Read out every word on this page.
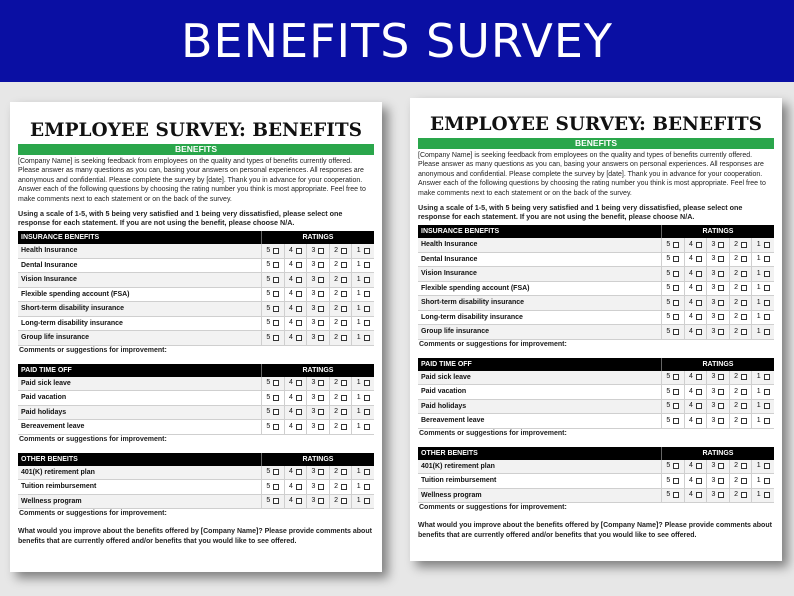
BENEFITS SURVEY
EMPLOYEE SURVEY: BENEFITS
BENEFITS
[Company Name] is seeking feedback from employees on the quality and types of benefits currently offered. Please answer as many questions as you can, basing your answers on personal experiences. All responses are anonymous and confidential. Please complete the survey by [date]. Thank you in advance for your cooperation. Answer each of the following questions by choosing the rating number you think is most appropriate. Feel free to make comments next to each statement or on the back of the survey.
Using a scale of 1-5, with 5 being very satisfied and 1 being very dissatisfied, please select one response for each statement. If you are not using the benefit, please choose N/A.
INSURANCE BENEFITS	RATINGS
Health Insurance	5	4	3	2	1
Dental Insurance	5	4	3	2	1
Vision Insurance	5	4	3	2	1
Flexible spending account (FSA)	5	4	3	2	1
Short-term disability insurance	5	4	3	2	1
Long-term disability insurance	5	4	3	2	1
Group life insurance	5	4	3	2	1
Comments or suggestions for improvement:
PAID TIME OFF	RATINGS
Paid sick leave	5	4	3	2	1
Paid vacation	5	4	3	2	1
Paid holidays	5	4	3	2	1
Bereavement leave	5	4	3	2	1
Comments or suggestions for improvement:
OTHER BENEITS	RATINGS
401(K) retirement plan	5	4	3	2	1
Tuition reimbursement	5	4	3	2	1
Wellness program	5	4	3	2	1
Comments or suggestions for improvement:
What would you improve about the benefits offered by [Company Name]? Please provide comments about benefits that are currently offered and/or benefits that you would like to see offered.
EMPLOYEE SURVEY: BENEFITS
BENEFITS
[Company Name] is seeking feedback from employees on the quality and types of benefits currently offered. Please answer as many questions as you can, basing your answers on personal experiences. All responses are anonymous and confidential. Please complete the survey by [date]. Thank you in advance for your cooperation. Answer each of the following questions by choosing the rating number you think is most appropriate. Feel free to make comments next to each statement or on the back of the survey.
Using a scale of 1-5, with 5 being very satisfied and 1 being very dissatisfied, please select one response for each statement. If you are not using the benefit, please choose N/A.
INSURANCE BENEFITS	RATINGS
Health Insurance	5	4	3	2	1
Dental Insurance	5	4	3	2	1
Vision Insurance	5	4	3	2	1
Flexible spending account (FSA)	5	4	3	2	1
Short-term disability insurance	5	4	3	2	1
Long-term disability insurance	5	4	3	2	1
Group life insurance	5	4	3	2	1
Comments or suggestions for improvement:
PAID TIME OFF	RATINGS
Paid sick leave	5	4	3	2	1
Paid vacation	5	4	3	2	1
Paid holidays	5	4	3	2	1
Bereavement leave	5	4	3	2	1
Comments or suggestions for improvement:
OTHER BENEITS	RATINGS
401(K) retirement plan	5	4	3	2	1
Tuition reimbursement	5	4	3	2	1
Wellness program	5	4	3	2	1
Comments or suggestions for improvement:
What would you improve about the benefits offered by [Company Name]? Please provide comments about benefits that are currently offered and/or benefits that you would like to see offered.
